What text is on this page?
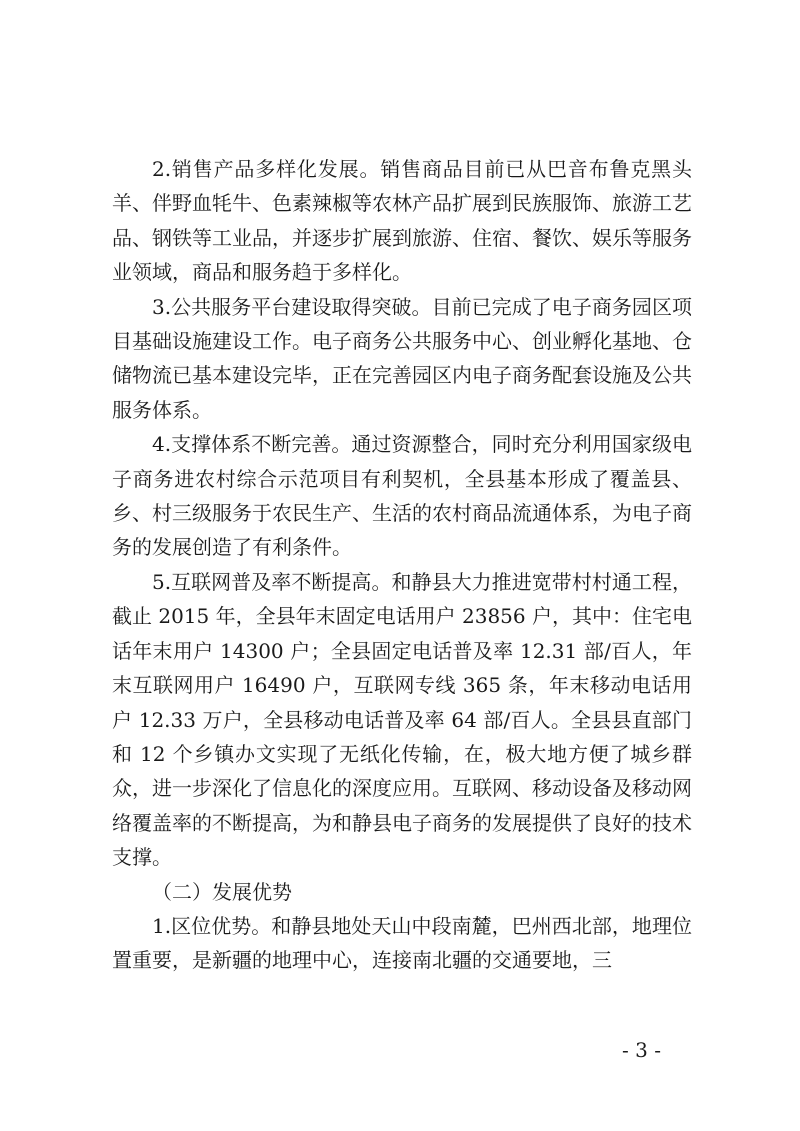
2.销售产品多样化发展。销售商品目前已从巴音布鲁克黑头羊、伴野血牦牛、色素辣椒等农林产品扩展到民族服饰、旅游工艺品、钢铁等工业品，并逐步扩展到旅游、住宿、餐饮、娱乐等服务业领域，商品和服务趋于多样化。

3.公共服务平台建设取得突破。目前已完成了电子商务园区项目基础设施建设工作。电子商务公共服务中心、创业孵化基地、仓储物流已基本建设完毕，正在完善园区内电子商务配套设施及公共服务体系。

4.支撑体系不断完善。通过资源整合，同时充分利用国家级电子商务进农村综合示范项目有利契机，全县基本形成了覆盖县、乡、村三级服务于农民生产、生活的农村商品流通体系，为电子商务的发展创造了有利条件。

5.互联网普及率不断提高。和静县大力推进宽带村村通工程，截止 2015 年，全县年末固定电话用户 23856 户，其中：住宅电话年末用户 14300 户；全县固定电话普及率 12.31 部/百人，年末互联网用户 16490 户，互联网专线 365 条，年末移动电话用户 12.33 万户，全县移动电话普及率 64 部/百人。全县县直部门和 12 个乡镇办文实现了无纸化传输，在，极大地方便了城乡群众，进一步深化了信息化的深度应用。互联网、移动设备及移动网络覆盖率的不断提高，为和静县电子商务的发展提供了良好的技术支撑。

（二）发展优势

1.区位优势。和静县地处天山中段南麓，巴州西北部，地理位置重要，是新疆的地理中心，连接南北疆的交通要地，三

- 3 -
